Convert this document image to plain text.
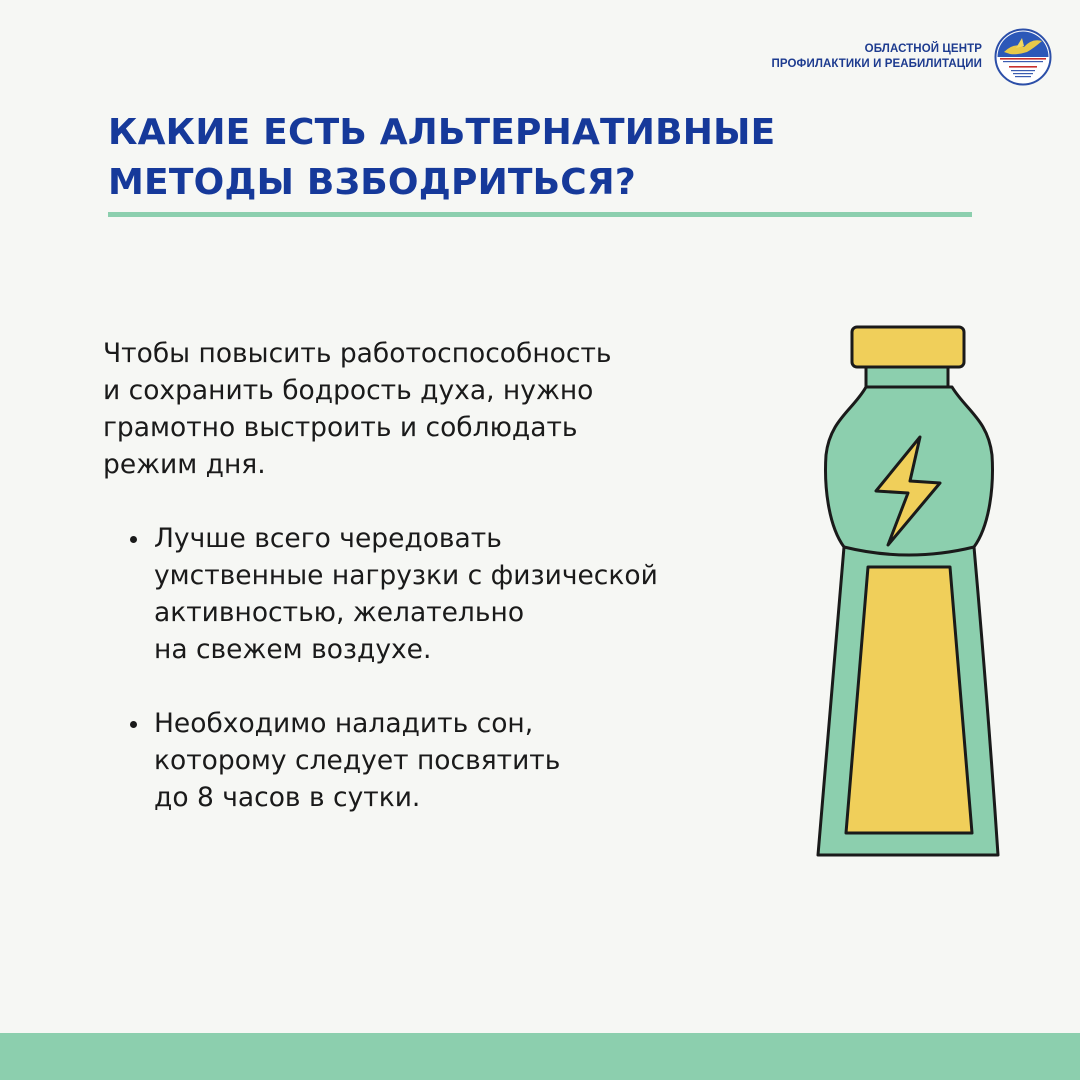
ОБЛАСТНОЙ ЦЕНТР
ПРОФИЛАКТИКИ И РЕАБИЛИТАЦИИ
КАКИЕ ЕСТЬ АЛЬТЕРНАТИВНЫЕ
МЕТОДЫ ВЗБОДРИТЬСЯ?

Чтобы повысить работоспособность
и сохранить бодрость духа, нужно
грамотно выстроить и соблюдать
режим дня.

Лучше всего чередовать
умственные нагрузки с физической
активностью, желательно
на свежем воздухе.
Необходимо наладить сон,
которому следует посвятить
до 8 часов в сутки.
